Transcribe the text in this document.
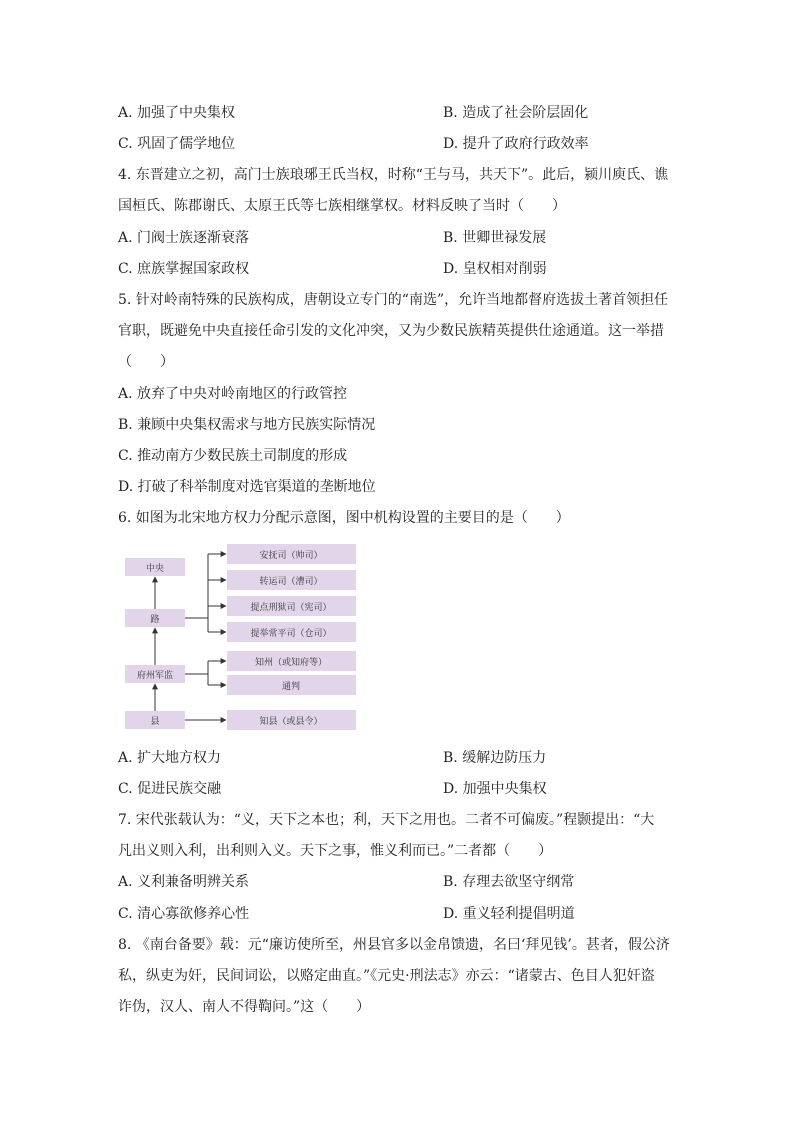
A. 加强了中央集权	B. 造成了社会阶层固化
C. 巩固了儒学地位	D. 提升了政府行政效率
4. 东晋建立之初，高门士族琅琊王氏当权，时称“王与马，共天下”。此后，颍川庾氏、谯
国桓氏、陈郡谢氏、太原王氏等七族相继掌权。材料反映了当时（　　）
A. 门阀士族逐渐衰落	B. 世卿世禄发展
C. 庶族掌握国家政权	D. 皇权相对削弱
5. 针对岭南特殊的民族构成，唐朝设立专门的“南选”，允许当地都督府选拔土著首领担任
官职，既避免中央直接任命引发的文化冲突，又为少数民族精英提供仕途通道。这一举措
（　　）
A. 放弃了中央对岭南地区的行政管控
B. 兼顾中央集权需求与地方民族实际情况
C. 推动南方少数民族土司制度的形成
D. 打破了科举制度对选官渠道的垄断地位
6. 如图为北宋地方权力分配示意图，图中机构设置的主要目的是（　　）
中央
路
府州军监
县
安抚司（帅司）
转运司（漕司）
提点刑狱司（宪司）
提举常平司（仓司）
知州（或知府等）
通判
知县（或县令）
A. 扩大地方权力	B. 缓解边防压力
C. 促进民族交融	D. 加强中央集权
7. 宋代张载认为：“义，天下之本也；利，天下之用也。二者不可偏废。”程颢提出：“大
凡出义则入利，出利则入义。天下之事，惟义利而已。”二者都（　　）
A. 义利兼备明辨关系	B. 存理去欲坚守纲常
C. 清心寡欲修养心性	D. 重义轻利提倡明道
8. 《南台备要》载：元“廉访使所至，州县官多以金帛馈遗，名曰‘拜见钱’。甚者，假公济
私，纵吏为奸，民间词讼，以赂定曲直。”《元史·刑法志》亦云：“诸蒙古、色目人犯奸盗
诈伪，汉人、南人不得鞫问。”这（　　）
